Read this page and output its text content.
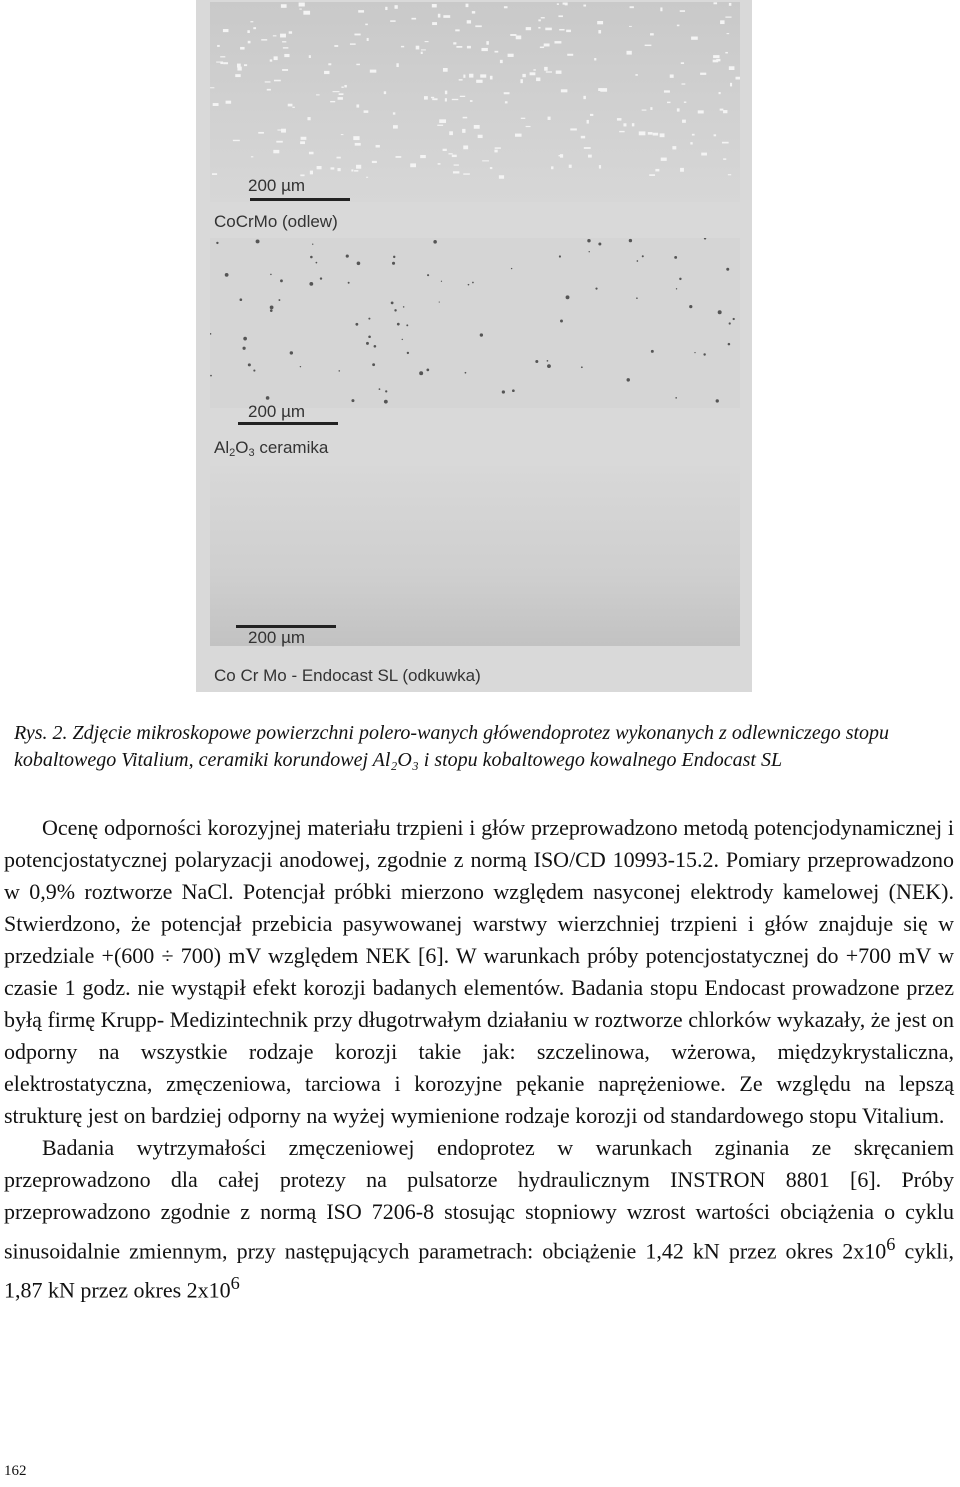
200 µm
CoCrMo (odlew)
200 µm
$Al_2O_3$ ceramika
200 µm
Co Cr Mo - Endocast SL (odkuwka)
Rys. 2. Zdjęcie mikroskopowe powierzchni polero-wanych główendoprotez wykonanych z odlewniczego stopu kobaltowego Vitalium, ceramiki korundowej Al₂O₃ i stopu kobaltowego kowalnego Endocast SL

Ocenę odporności korozyjnej materiału trzpieni i głów przeprowadzono metodą potencjodynamicznej i potencjostatycznej polaryzacji anodowej, zgodnie z normą ISO/CD 10993-15.2. Pomiary przeprowadzono w 0,9% roztworze NaCl. Potencjał próbki mierzono względem nasyconej elektrody kamelowej (NEK). Stwierdzono, że potencjał przebicia pasywowanej warstwy wierzchniej trzpieni i głów znajduje się w przedziale +(600 ÷ 700) mV względem NEK [6]. W warunkach próby potencjostatycznej do +700 mV w czasie 1 godz. nie wystąpił efekt korozji badanych elementów. Badania stopu Endocast prowadzone przez byłą firmę Krupp- Medizintechnik przy długotrwałym działaniu w roztworze chlorków wykazały, że jest on odporny na wszystkie rodzaje korozji takie jak: szczelinowa, wżerowa, międzykrystaliczna, elektrostatyczna, zmęczeniowa, tarciowa i korozyjne pękanie naprężeniowe. Ze względu na lepszą strukturę jest on bardziej odporny na wyżej wymienione rodzaje korozji od standardowego stopu Vitalium.

Badania wytrzymałości zmęczeniowej endoprotez w warunkach zginania ze skręcaniem przeprowadzono dla całej protezy na pulsatorze hydraulicznym INSTRON 8801 [6]. Próby przeprowadzono zgodnie z normą ISO 7206-8 stosując stopniowy wzrost wartości obciążenia o cyklu sinusoidalnie zmiennym, przy następujących parametrach: obciążenie 1,42 kN przez okres $2x10^6$ cykli, 1,87 kN przez okres $2x10^6$

162
